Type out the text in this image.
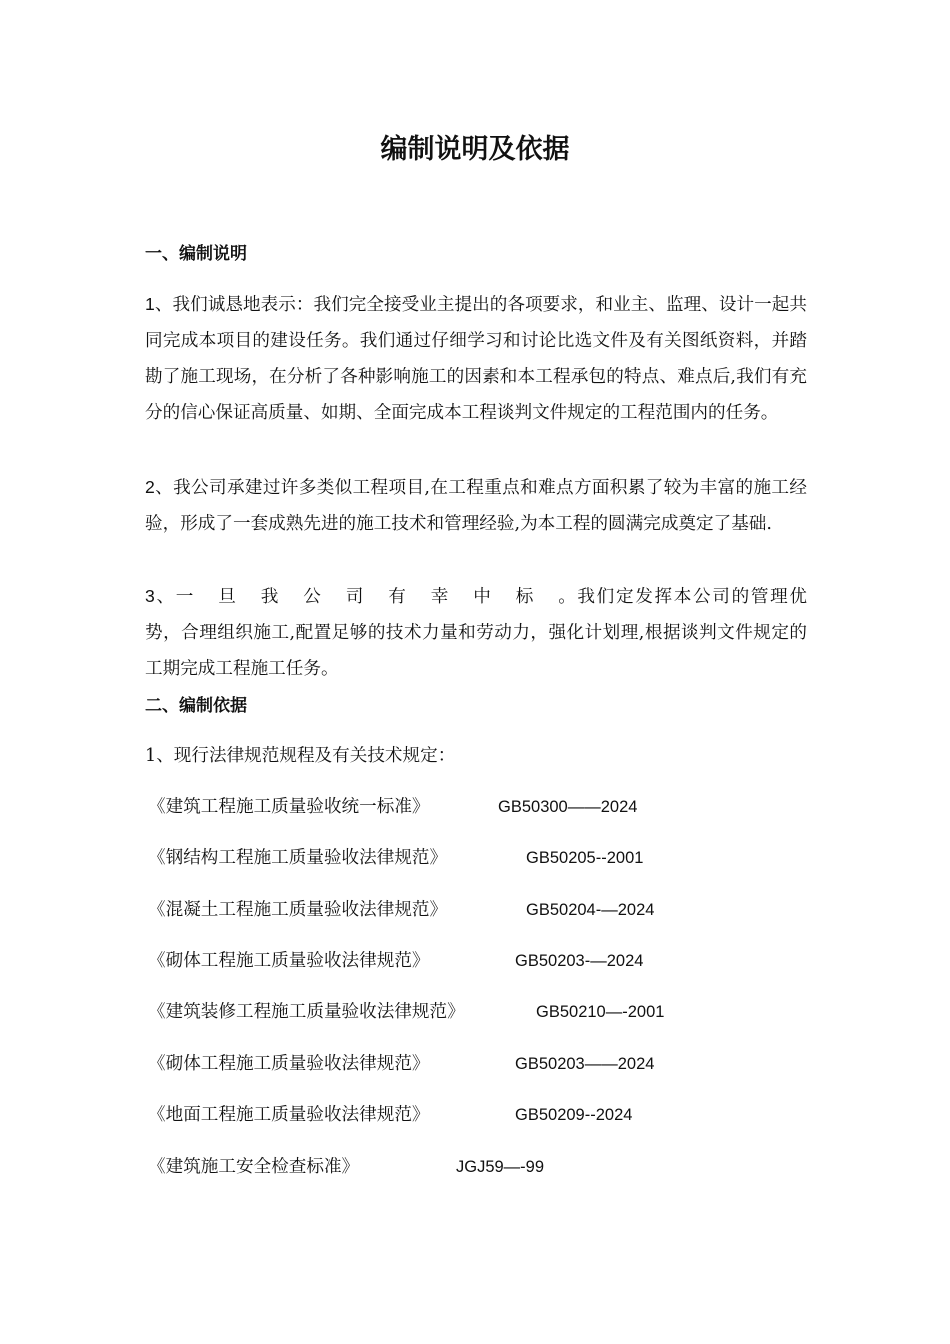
编制说明及依据
一、编制说明

1、我们诚恳地表示：我们完全接受业主提出的各项要求，和业主、监理、设计一起共同完成本项目的建设任务。我们通过仔细学习和讨论比选文件及有关图纸资料，并踏勘了施工现场，在分析了各种影响施工的因素和本工程承包的特点、难点后,我们有充分的信心保证高质量、如期、全面完成本工程谈判文件规定的工程范围内的任务。

2、我公司承建过许多类似工程项目,在工程重点和难点方面积累了较为丰富的施工经验，形成了一套成熟先进的施工技术和管理经验,为本工程的圆满完成奠定了基础.

3、一 旦 我 公 司 有 幸 中 标 。我们定发挥本公司的管理优势，合理组织施工,配置足够的技术力量和劳动力，强化计划理,根据谈判文件规定的工期完成工程施工任务。

二、编制依据
1、现行法律规范规程及有关技术规定：
《建筑工程施工质量验收统一标准》	GB50300——2024
《钢结构工程施工质量验收法律规范》	GB50205--2001
《混凝土工程施工质量验收法律规范》	GB50204-—2024
《砌体工程施工质量验收法律规范》	GB50203-—2024
《建筑装修工程施工质量验收法律规范》	GB50210—-2001
《砌体工程施工质量验收法律规范》	GB50203——2024
《地面工程施工质量验收法律规范》	GB50209--2024
《建筑施工安全检查标准》	JGJ59—-99
